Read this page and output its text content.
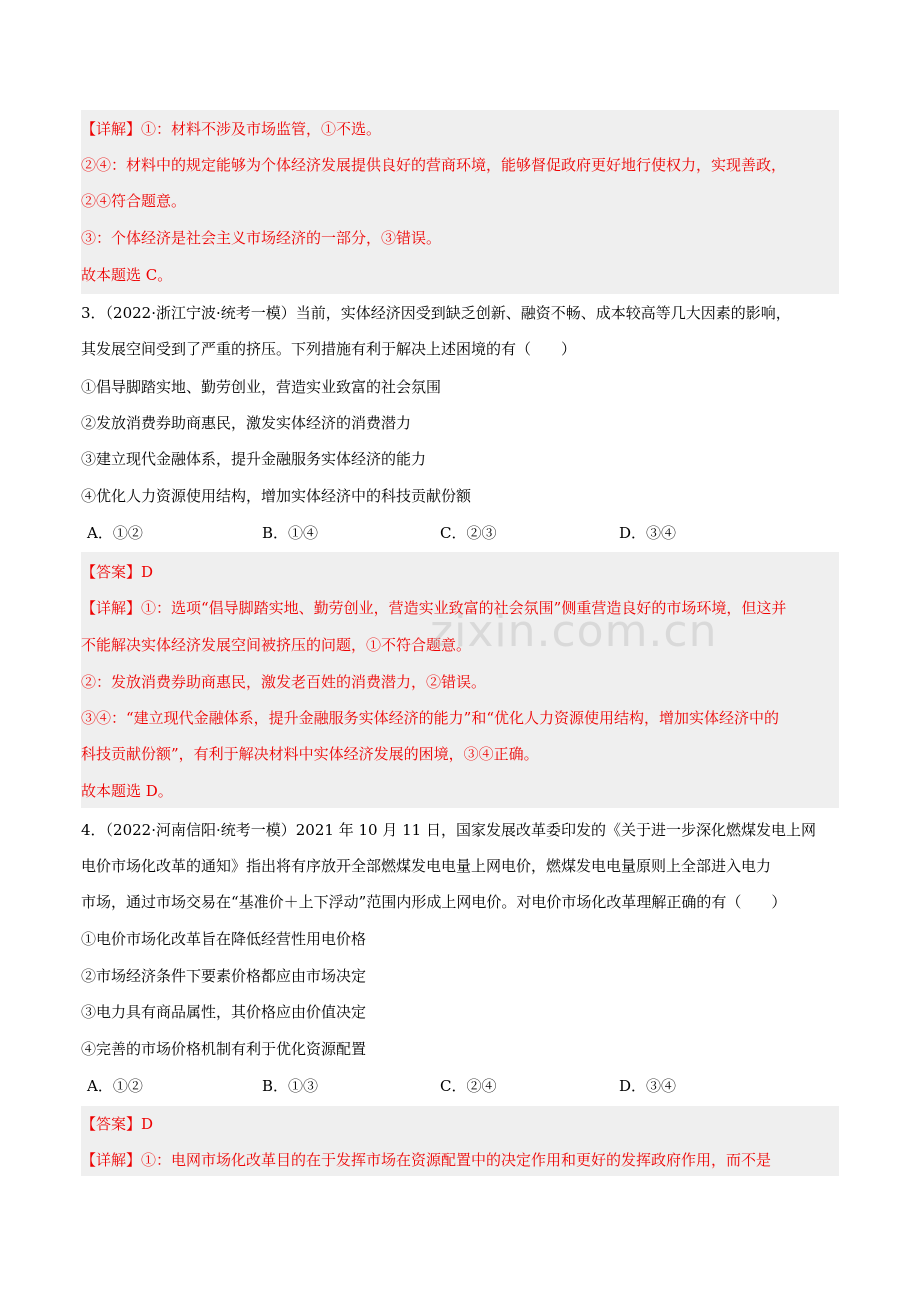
【详解】①：材料不涉及市场监管，①不选。
②④：材料中的规定能够为个体经济发展提供良好的营商环境，能够督促政府更好地行使权力，实现善政，
②④符合题意。
③：个体经济是社会主义市场经济的一部分，③错误。
故本题选 C。
3．（2022·浙江宁波·统考一模）当前，实体经济因受到缺乏创新、融资不畅、成本较高等几大因素的影响，
其发展空间受到了严重的挤压。下列措施有利于解决上述困境的有（　　）
①倡导脚踏实地、勤劳创业，营造实业致富的社会氛围
②发放消费券助商惠民，激发实体经济的消费潜力
③建立现代金融体系，提升金融服务实体经济的能力
④优化人力资源使用结构，增加实体经济中的科技贡献份额
A．①②	B．①④	C．②③	D．③④
【答案】D
【详解】①：选项“倡导脚踏实地、勤劳创业，营造实业致富的社会氛围”侧重营造良好的市场环境，但这并
不能解决实体经济发展空间被挤压的问题，①不符合题意。
②：发放消费券助商惠民，激发老百姓的消费潜力，②错误。
③④：“建立现代金融体系，提升金融服务实体经济的能力”和“优化人力资源使用结构，增加实体经济中的
科技贡献份额”，有利于解决材料中实体经济发展的困境，③④正确。
故本题选 D。
4．（2022·河南信阳·统考一模）2021 年 10 月 11 日，国家发展改革委印发的《关于进一步深化燃煤发电上网
电价市场化改革的通知》指出将有序放开全部燃煤发电电量上网电价，燃煤发电电量原则上全部进入电力
市场，通过市场交易在“基准价＋上下浮动”范围内形成上网电价。对电价市场化改革理解正确的有（　　）
①电价市场化改革旨在降低经营性用电价格
②市场经济条件下要素价格都应由市场决定
③电力具有商品属性，其价格应由价值决定
④完善的市场价格机制有利于优化资源配置
A．①②	B．①③	C．②④	D．③④
【答案】D
【详解】①：电网市场化改革目的在于发挥市场在资源配置中的决定作用和更好的发挥政府作用，而不是
zixin.com.cn
